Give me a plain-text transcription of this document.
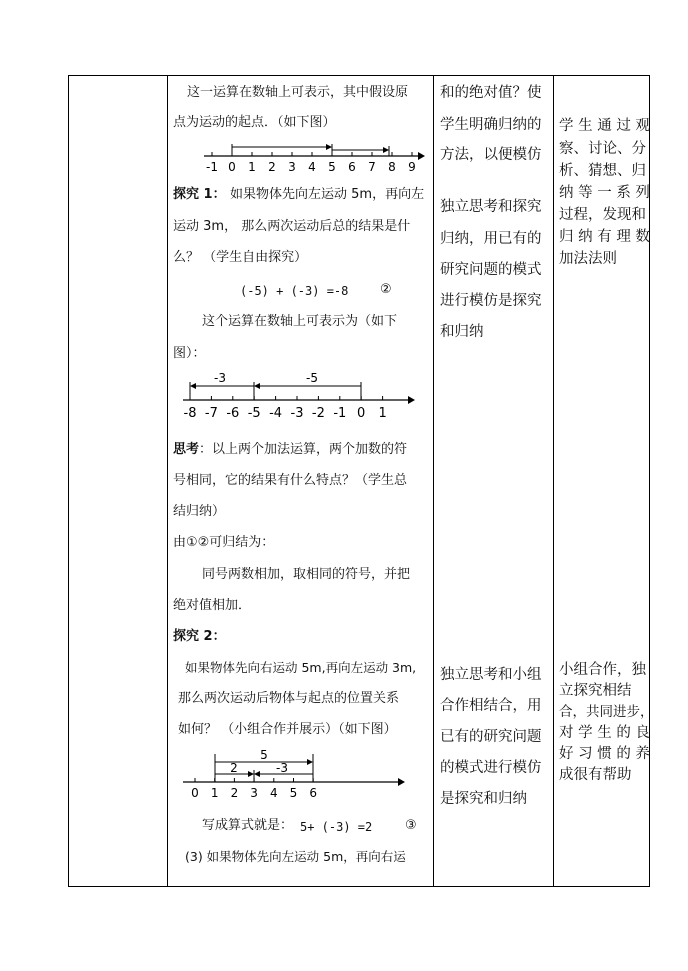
这一运算在数轴上可表示，其中假设原
点为运动的起点．（如下图）
-1 0 1 2 3 4 5 6 7 8 9
探究 1： 如果物体先向左运动 5m，再向左
运动 3m， 那么两次运动后总的结果是什
么？ （学生自由探究）
(-5) + (-3) =-8 ②
这个运算在数轴上可表示为（如下
图）：
-8 -7 -6 -5 -4 -3 -2 -1 0 1
-3	-5
思考 ：以上两个加法运算，两个加数的符
号相同，它的结果有什么特点？（学生总
结归纳）
由①②可归结为：
同号两数相加，取相同的符号，并把
绝对值相加．
探究 2：
如果物体先向右运动 5m,再向左运动 3m,
那么两次运动后物体与起点的位置关系
如何？ （小组合作并展示）（如下图）
0 1 2 3 4 5 6
5
2	-3
写成算式就是： 5+ (-3) =2	③
(3) 如果物体先向左运动 5m，再向右运
和的绝对值？使
学生明确归纳的
方法，以便模仿
独立思考和探究
归纳，用已有的
研究问题的模式
进行模仿是探究
和归纳
独立思考和小组
合作相结合，用
已有的研究问题
的模式进行模仿
是探究和归纳
学 生 通 过 观
察、讨论、分
析、猜想、归
纳 等 一 系 列
过程，发现和
归 纳 有 理 数
加法法则
小组合作，独
立探究相结
合，共同进步，
对 学 生 的 良
好 习 惯 的 养
成很有帮助
